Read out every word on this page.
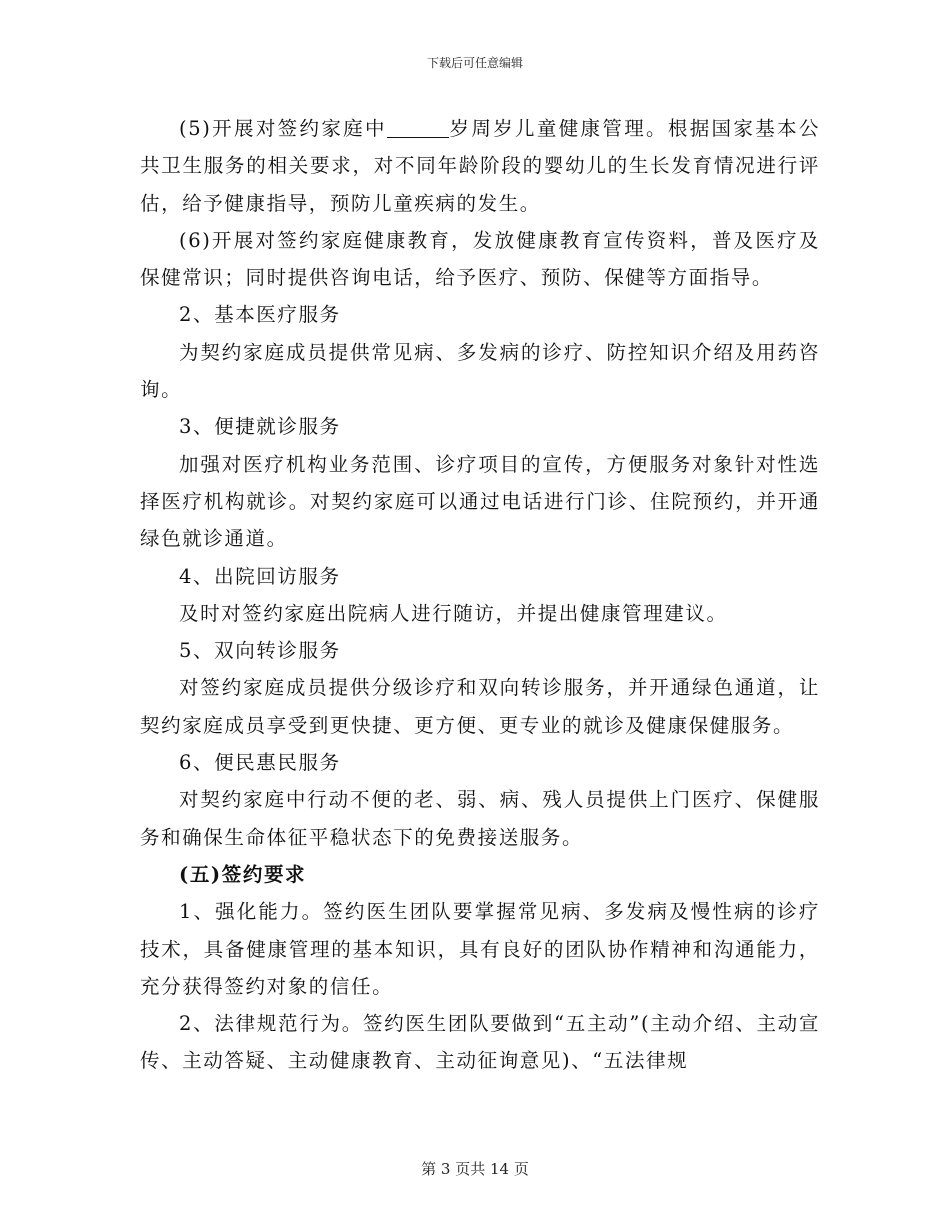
下载后可任意编辑

(5)开展对签约家庭中	岁周岁儿童健康管理。根据国家基本公共卫生服务的相关要求，对不同年龄阶段的婴幼儿的生长发育情况进行评估，给予健康指导，预防儿童疾病的发生。

(6)开展对签约家庭健康教育，发放健康教育宣传资料，普及医疗及保健常识；同时提供咨询电话，给予医疗、预防、保健等方面指导。

2、基本医疗服务

为契约家庭成员提供常见病、多发病的诊疗、防控知识介绍及用药咨询。

3、便捷就诊服务

加强对医疗机构业务范围、诊疗项目的宣传，方便服务对象针对性选择医疗机构就诊。对契约家庭可以通过电话进行门诊、住院预约，并开通绿色就诊通道。

4、出院回访服务

及时对签约家庭出院病人进行随访，并提出健康管理建议。

5、双向转诊服务

对签约家庭成员提供分级诊疗和双向转诊服务，并开通绿色通道，让契约家庭成员享受到更快捷、更方便、更专业的就诊及健康保健服务。

6、便民惠民服务

对契约家庭中行动不便的老、弱、病、残人员提供上门医疗、保健服务和确保生命体征平稳状态下的免费接送服务。

(五)签约要求

1、强化能力。签约医生团队要掌握常见病、多发病及慢性病的诊疗技术，具备健康管理的基本知识，具有良好的团队协作精神和沟通能力，充分获得签约对象的信任。

2、法律规范行为。签约医生团队要做到“五主动”(主动介绍、主动宣传、主动答疑、主动健康教育、主动征询意见)、“五法律规

第 3 页共 14 页
